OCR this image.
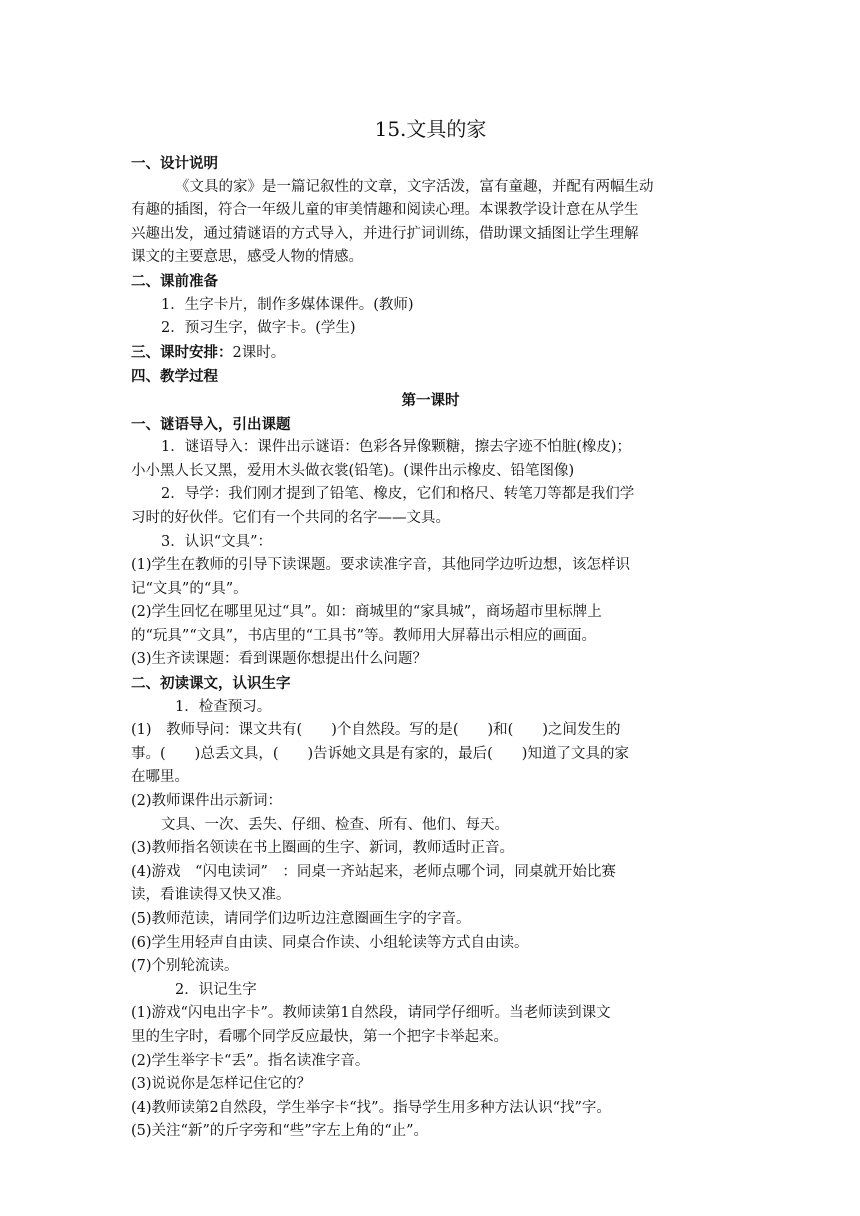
15.文具的家
一、设计说明
《文具的家》是一篇记叙性的文章，文字活泼，富有童趣，并配有两幅生动
有趣的插图，符合一年级儿童的审美情趣和阅读心理。本课教学设计意在从学生
兴趣出发，通过猜谜语的方式导入，并进行扩词训练，借助课文插图让学生理解
课文的主要意思，感受人物的情感。
二、课前准备
1．生字卡片，制作多媒体课件。(教师)
2．预习生字，做字卡。(学生)
三、课时安排：2课时。
四、教学过程
第一课时
一、谜语导入，引出课题
1．谜语导入：课件出示谜语：色彩各异像颗糖，擦去字迹不怕脏(橡皮)；
小小黑人长又黑，爱用木头做衣裳(铅笔)。(课件出示橡皮、铅笔图像)
2．导学：我们刚才提到了铅笔、橡皮，它们和格尺、转笔刀等都是我们学
习时的好伙伴。它们有一个共同的名字——文具。
3．认识“文具”：
(1)学生在教师的引导下读课题。要求读准字音，其他同学边听边想，该怎样识
记“文具”的“具”。
(2)学生回忆在哪里见过“具”。如：商城里的“家具城”，商场超市里标牌上
的“玩具”“文具”，书店里的“工具书”等。教师用大屏幕出示相应的画面。
(3)生齐读课题：看到课题你想提出什么问题？
二、初读课文，认识生字
1．检查预习。
(1)　教师导问：课文共有(　　)个自然段。写的是(　　)和(　　)之间发生的
事。(　　)总丢文具，(　　)告诉她文具是有家的，最后(　　)知道了文具的家
在哪里。
(2)教师课件出示新词：
文具、一次、丢失、仔细、检查、所有、他们、每天。
(3)教师指名领读在书上圈画的生字、新词，教师适时正音。
(4)游戏　“闪电读词”　：同桌一齐站起来，老师点哪个词，同桌就开始比赛
读，看谁读得又快又准。
(5)教师范读，请同学们边听边注意圈画生字的字音。
(6)学生用轻声自由读、同桌合作读、小组轮读等方式自由读。
(7)个别轮流读。
2．识记生字
(1)游戏“闪电出字卡”。教师读第1自然段，请同学仔细听。当老师读到课文
里的生字时，看哪个同学反应最快，第一个把字卡举起来。
(2)学生举字卡“丢”。指名读准字音。
(3)说说你是怎样记住它的？
(4)教师读第2自然段，学生举字卡“找”。指导学生用多种方法认识“找”字。
(5)关注“新”的斤字旁和“些”字左上角的“止”。
